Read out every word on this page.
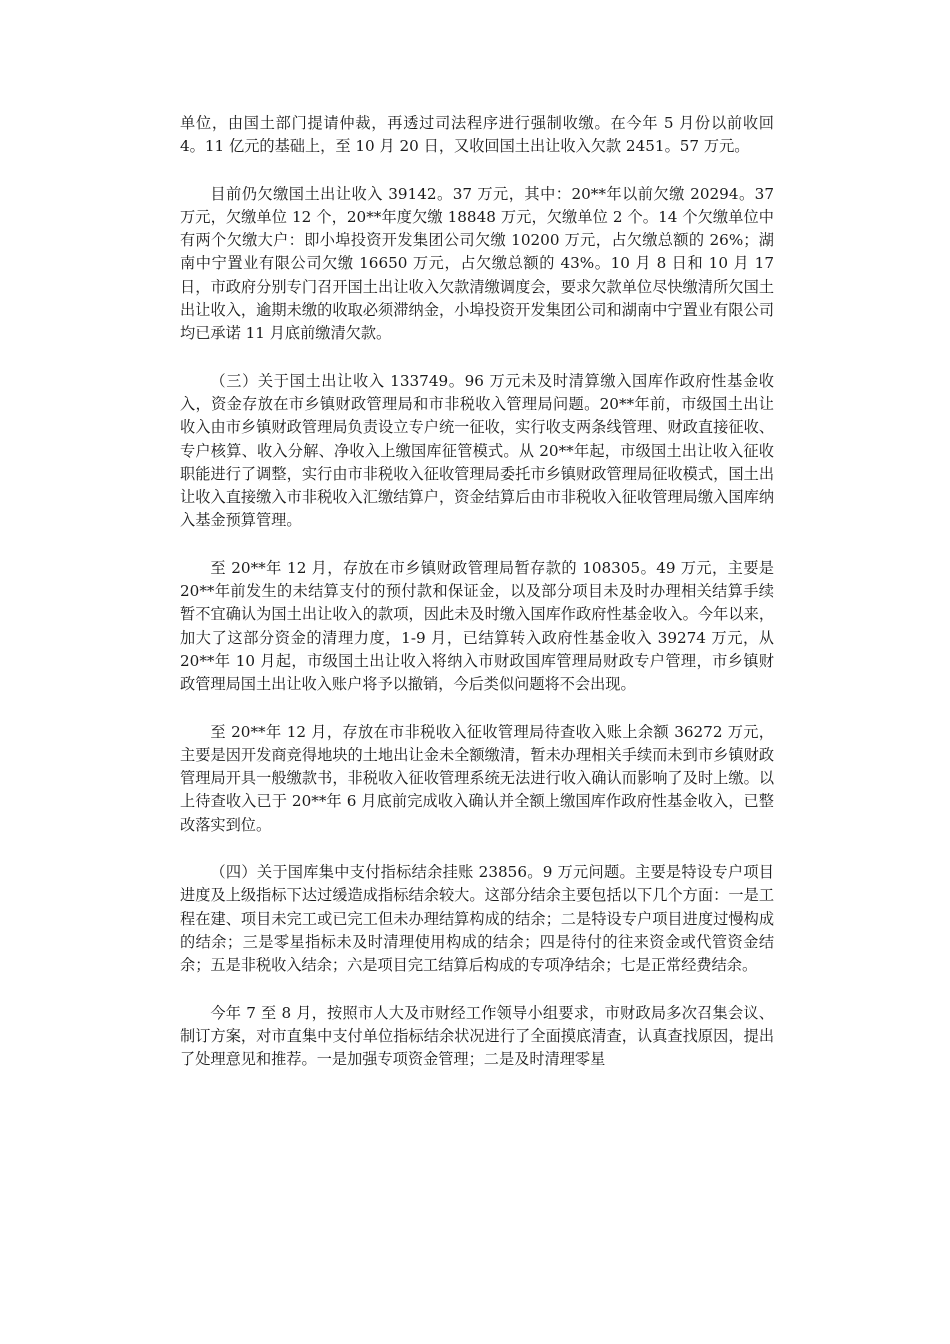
单位，由国土部门提请仲裁，再透过司法程序进行强制收缴。在今年 5 月份以前收回 4。11 亿元的基础上，至 10 月 20 日，又收回国土出让收入欠款 2451。57 万元。

目前仍欠缴国土出让收入 39142。37 万元，其中：20**年以前欠缴 20294。37 万元，欠缴单位 12 个，20**年度欠缴 18848 万元，欠缴单位 2 个。14 个欠缴单位中有两个欠缴大户：即小埠投资开发集团公司欠缴 10200 万元，占欠缴总额的 26%；湖南中宁置业有限公司欠缴 16650 万元，占欠缴总额的 43%。10 月 8 日和 10 月 17 日，市政府分别专门召开国土出让收入欠款清缴调度会，要求欠款单位尽快缴清所欠国土出让收入，逾期未缴的收取必须滞纳金，小埠投资开发集团公司和湖南中宁置业有限公司均已承诺 11 月底前缴清欠款。

（三）关于国土出让收入 133749。96 万元未及时清算缴入国库作政府性基金收入，资金存放在市乡镇财政管理局和市非税收入管理局问题。20**年前，市级国土出让收入由市乡镇财政管理局负责设立专户统一征收，实行收支两条线管理、财政直接征收、专户核算、收入分解、净收入上缴国库征管模式。从 20**年起，市级国土出让收入征收职能进行了调整，实行由市非税收入征收管理局委托市乡镇财政管理局征收模式，国土出让收入直接缴入市非税收入汇缴结算户，资金结算后由市非税收入征收管理局缴入国库纳入基金预算管理。

至 20**年 12 月，存放在市乡镇财政管理局暂存款的 108305。49 万元，主要是 20**年前发生的未结算支付的预付款和保证金，以及部分项目未及时办理相关结算手续暂不宜确认为国土出让收入的款项，因此未及时缴入国库作政府性基金收入。今年以来，加大了这部分资金的清理力度，1-9 月，已结算转入政府性基金收入 39274 万元，从 20**年 10 月起，市级国土出让收入将纳入市财政国库管理局财政专户管理，市乡镇财政管理局国土出让收入账户将予以撤销，今后类似问题将不会出现。

至 20**年 12 月，存放在市非税收入征收管理局待查收入账上余额 36272 万元，主要是因开发商竞得地块的土地出让金未全额缴清，暂未办理相关手续而未到市乡镇财政管理局开具一般缴款书，非税收入征收管理系统无法进行收入确认而影响了及时上缴。以上待查收入已于 20**年 6 月底前完成收入确认并全额上缴国库作政府性基金收入，已整改落实到位。

（四）关于国库集中支付指标结余挂账 23856。9 万元问题。主要是特设专户项目进度及上级指标下达过缓造成指标结余较大。这部分结余主要包括以下几个方面：一是工程在建、项目未完工或已完工但未办理结算构成的结余；二是特设专户项目进度过慢构成的结余；三是零星指标未及时清理使用构成的结余；四是待付的往来资金或代管资金结余；五是非税收入结余；六是项目完工结算后构成的专项净结余；七是正常经费结余。

今年 7 至 8 月，按照市人大及市财经工作领导小组要求，市财政局多次召集会议、制订方案，对市直集中支付单位指标结余状况进行了全面摸底清查，认真查找原因，提出了处理意见和推荐。一是加强专项资金管理；二是及时清理零星
